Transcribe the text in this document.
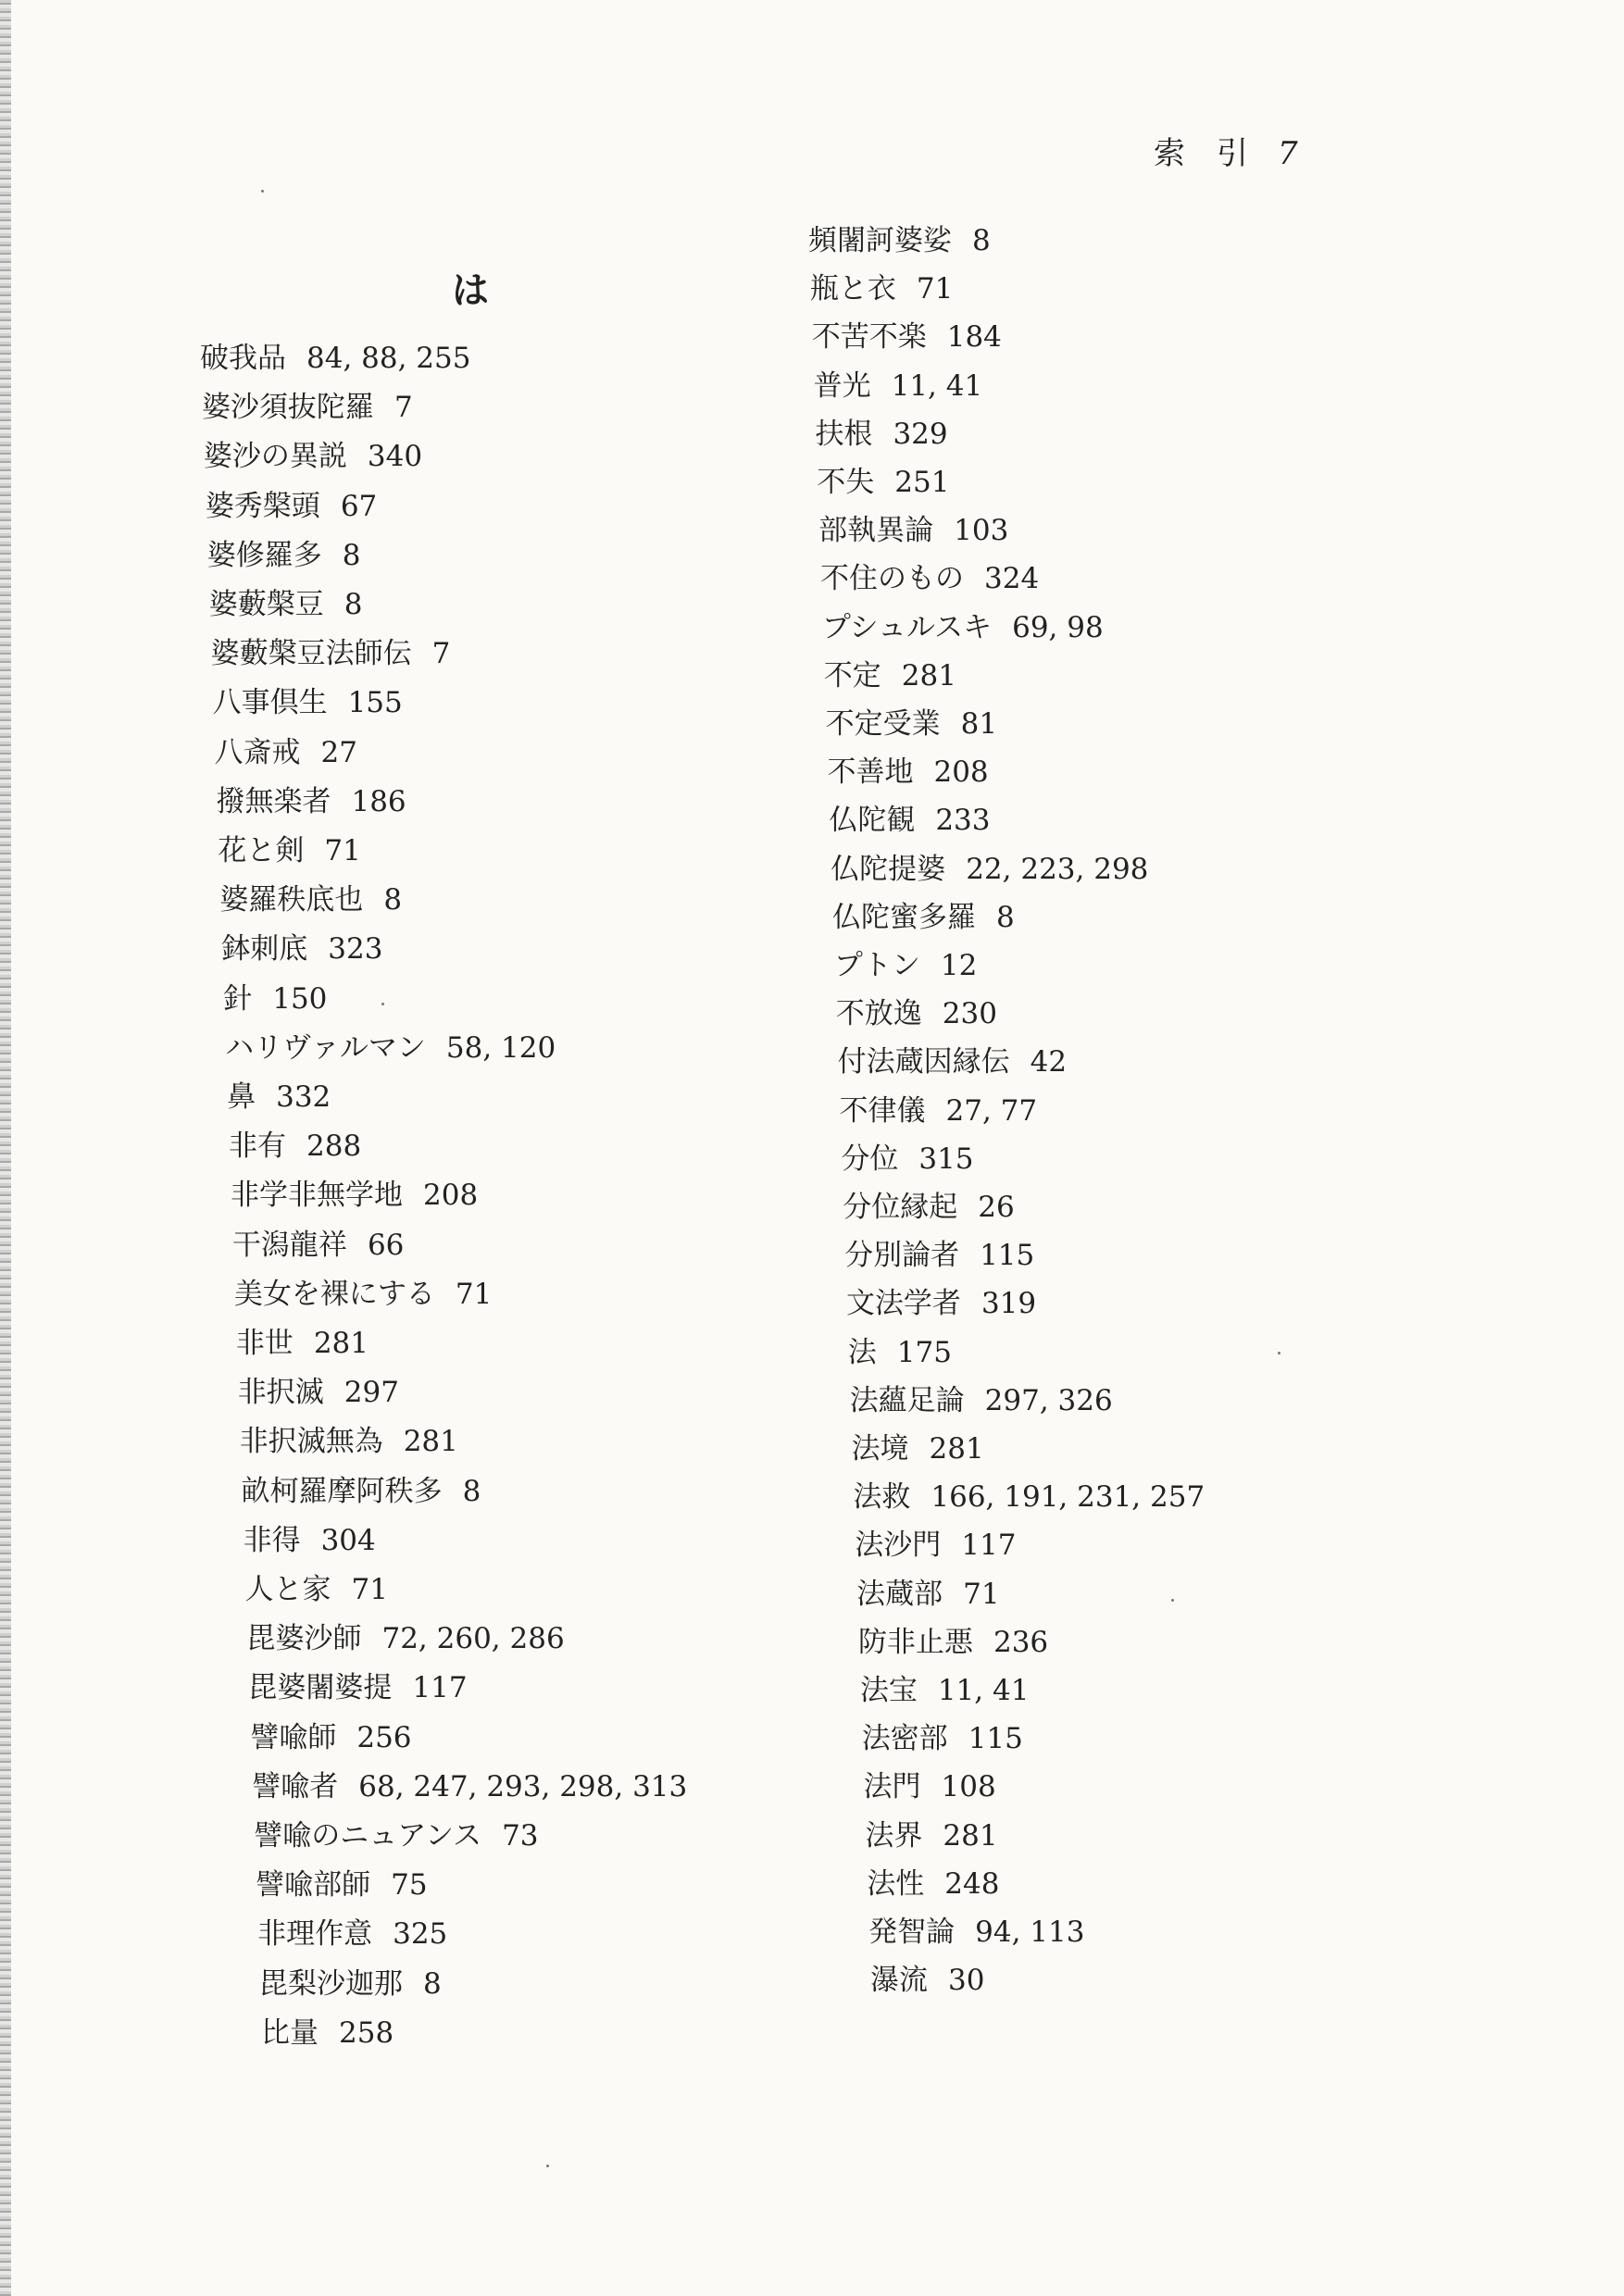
索　引 7
は
破我品 84, 88, 255
婆沙須抜陀羅 7
婆沙の異説 340
婆秀槃頭 67
婆修羅多 8
婆藪槃豆 8
婆藪槃豆法師伝 7
八事倶生 155
八斎戒 27
撥無楽者 186
花と剣 71
婆羅秩底也 8
鉢刺底 323
針 150
ハリヴァルマン 58, 120
鼻 332
非有 288
非学非無学地 208
干潟龍祥 66
美女を裸にする 71
非世 281
非択滅 297
非択滅無為 281
畝柯羅摩阿秩多 8
非得 304
人と家 71
毘婆沙師 72, 260, 286
毘婆闍婆提 117
譬喩師 256
譬喩者 68, 247, 293, 298, 313
譬喩のニュアンス 73
譬喩部師 75
非理作意 325
毘梨沙迦那 8
比量 258
頻闍訶婆娑 8
瓶と衣 71
不苦不楽 184
普光 11, 41
扶根 329
不失 251
部執異論 103
不住のもの 324
プシュルスキ 69, 98
不定 281
不定受業 81
不善地 208
仏陀観 233
仏陀提婆 22, 223, 298
仏陀蜜多羅 8
プトン 12
不放逸 230
付法蔵因縁伝 42
不律儀 27, 77
分位 315
分位縁起 26
分別論者 115
文法学者 319
法 175
法蘊足論 297, 326
法境 281
法救 166, 191, 231, 257
法沙門 117
法蔵部 71
防非止悪 236
法宝 11, 41
法密部 115
法門 108
法界 281
法性 248
発智論 94, 113
瀑流 30
